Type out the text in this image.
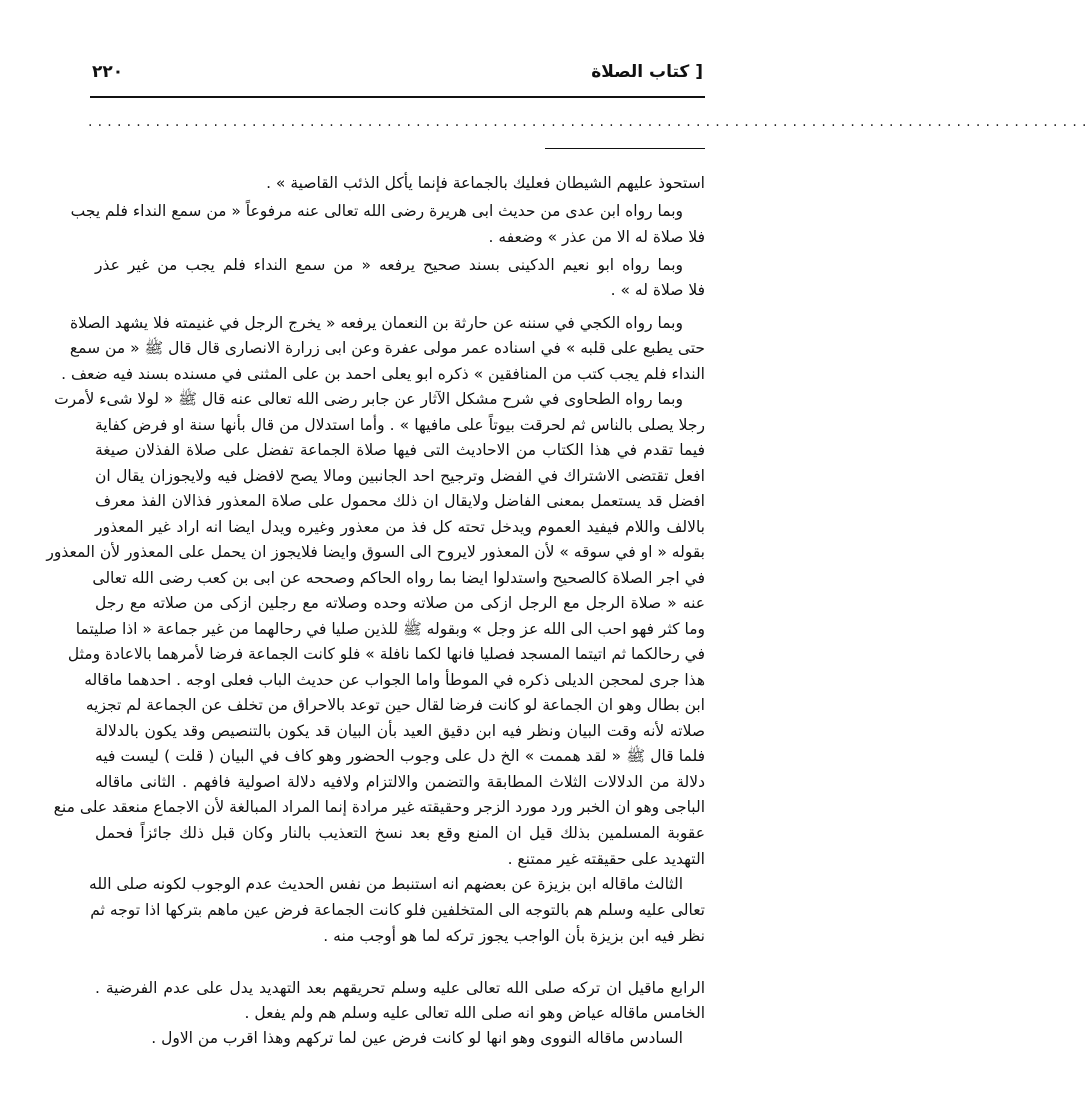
٢٢٠	[ كتاب الصلاة
........................................................................................................
استحوذ عليهم الشيطان فعليك بالجماعة فإنما يأكل الذئب القاصية » .
وبما رواه ابن عدى من حديث ابى هريرة رضى الله تعالى عنه مرفوعاً « من سمع النداء فلم يجب
فلا صلاة له الا من عذر » وضعفه .
وبما رواه ابو نعيم الدكينى بسند صحيح يرفعه « من سمع النداء فلم يجب من غير عذر
فلا صلاة له » .
وبما رواه الكجي في سننه عن حارثة بن النعمان يرفعه « يخرج الرجل في غنيمته فلا يشهد الصلاة
حتى يطبع على قلبه » في اسناده عمر مولى عفرة وعن ابى زرارة الانصارى قال قال ﷺ « من سمع
النداء فلم يجب كتب من المنافقين » ذكره ابو يعلى احمد بن على المثنى في مسنده بسند فيه ضعف .
وبما رواه الطحاوى في شرح مشكل الآثار عن جابر رضى الله تعالى عنه قال ﷺ « لولا شىء لأمرت
رجلا يصلى بالناس ثم لحرقت بيوتاً على مافيها » . وأما استدلال من قال بأنها سنة او فرض كفاية
فيما تقدم في هذا الكتاب من الاحاديث التى فيها صلاة الجماعة تفضل على صلاة الفذلان صيغة
افعل تقتضى الاشتراك في الفضل وترجيح احد الجانبين ومالا يصح لافضل فيه ولايجوزان يقال ان
افضل قد يستعمل بمعنى الفاضل ولايقال ان ذلك محمول على صلاة المعذور فذالان الفذ معرف
بالالف واللام فيفيد العموم ويدخل تحته كل فذ من معذور وغيره ويدل ايضا انه اراد غير المعذور
بقوله « او في سوقه » لأن المعذور لايروح الى السوق وايضا فلايجوز ان يحمل على المعذور لأن المعذور
في اجر الصلاة كالصحيح واستدلوا ايضا بما رواه الحاكم وصححه عن ابى بن كعب رضى الله تعالى
عنه « صلاة الرجل مع الرجل ازكى من صلاته وحده وصلاته مع رجلين ازكى من صلاته مع رجل
وما كثر فهو احب الى الله عز وجل » وبقوله ﷺ للذين صليا في رحالهما من غير جماعة « اذا صليتما
في رحالكما ثم اتيتما المسجد فصليا فانها لكما نافلة » فلو كانت الجماعة فرضا لأمرهما بالاعادة ومثل
هذا جرى لمحجن الديلى ذكره في الموطأ واما الجواب عن حديث الباب فعلى اوجه . احدهما ماقاله
ابن بطال وهو ان الجماعة لو كانت فرضا لقال حين توعد بالاحراق من تخلف عن الجماعة لم تجزيه
صلاته لأنه وقت البيان ونظر فيه ابن دقيق العيد بأن البيان قد يكون بالتنصيص وقد يكون بالدلالة
فلما قال ﷺ « لقد هممت » الخ دل على وجوب الحضور وهو كاف في البيان ( قلت ) ليست فيه
دلالة من الدلالات الثلاث المطابقة والتضمن والالتزام ولافيه دلالة اصولية فافهم . الثانى ماقاله
الباجى وهو ان الخبر ورد مورد الزجر وحقيقته غير مرادة إنما المراد المبالغة لأن الاجماع منعقد على منع
عقوبة المسلمين بذلك قيل ان المنع وقع بعد نسخ التعذيب بالنار وكان قبل ذلك جائزاً فحمل
التهديد على حقيقته غير ممتنع .
الثالث ماقاله ابن بزيزة عن بعضهم انه استنبط من نفس الحديث عدم الوجوب لكونه صلى الله
تعالى عليه وسلم هم بالتوجه الى المتخلفين فلو كانت الجماعة فرض عين ماهم بتركها اذا توجه ثم
نظر فيه ابن بزيزة بأن الواجب يجوز تركه لما هو أوجب منه .
الرابع ماقيل ان تركه صلى الله تعالى عليه وسلم تحريقهم بعد التهديد يدل على عدم الفرضية .
الخامس ماقاله عياض وهو انه صلى الله تعالى عليه وسلم هم ولم يفعل .
السادس ماقاله النووى وهو انها لو كانت فرض عين لما تركهم وهذا اقرب من الاول .
